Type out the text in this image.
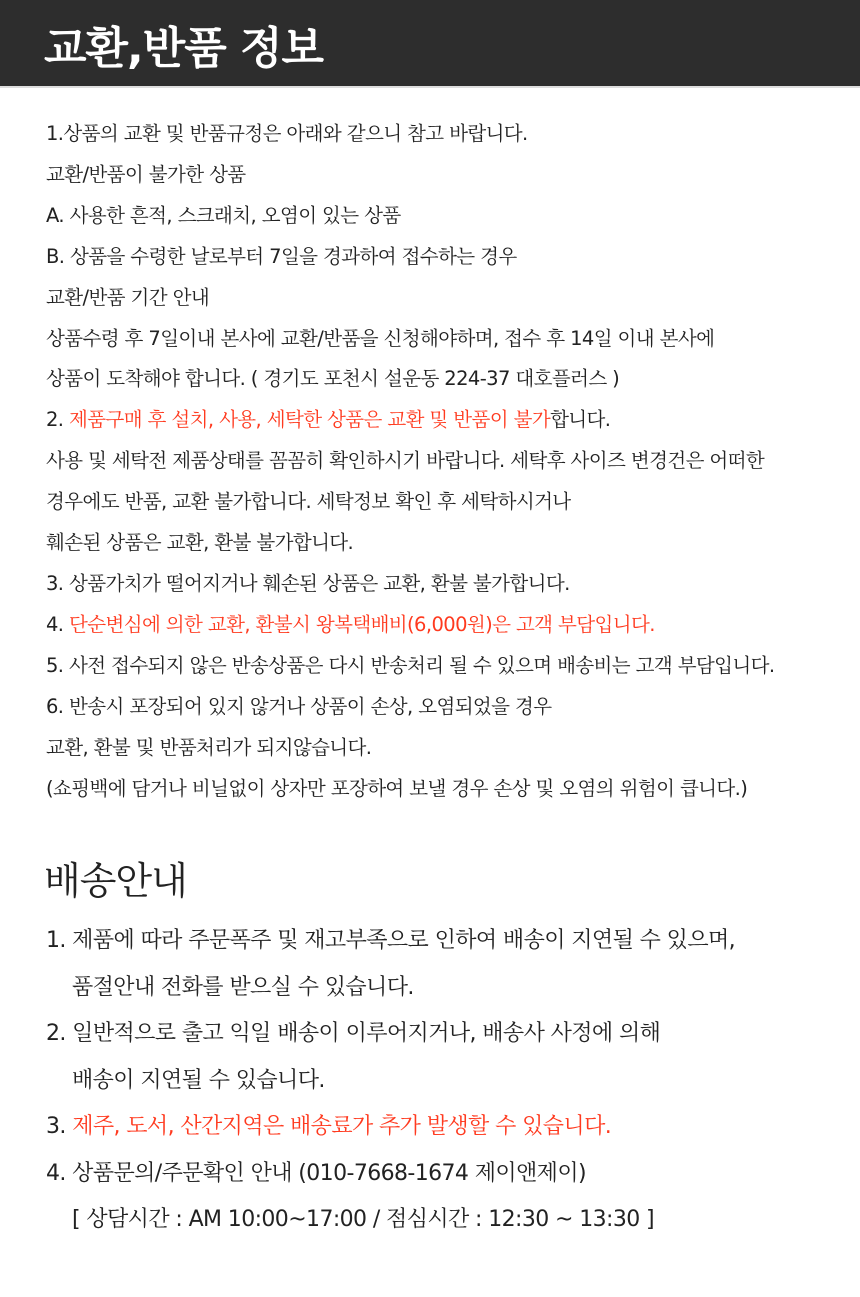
교환,반품 정보
1.상품의 교환 및 반품규정은 아래와 같으니 참고 바랍니다.
교환/반품이 불가한 상품
A. 사용한 흔적, 스크래치, 오염이 있는 상품
B. 상품을 수령한 날로부터 7일을 경과하여 접수하는 경우
교환/반품 기간 안내
상품수령 후 7일이내 본사에 교환/반품을 신청해야하며, 접수 후 14일 이내 본사에
상품이 도착해야 합니다. ( 경기도 포천시 설운동 224-37 대호플러스 )
2. 제품구매 후 설치, 사용, 세탁한 상품은 교환 및 반품이 불가합니다.
사용 및 세탁전 제품상태를 꼼꼼히 확인하시기 바랍니다. 세탁후 사이즈 변경건은 어떠한
경우에도 반품, 교환 불가합니다. 세탁정보 확인 후 세탁하시거나
훼손된 상품은 교환, 환불 불가합니다.
3. 상품가치가 떨어지거나 훼손된 상품은 교환, 환불 불가합니다.
4. 단순변심에 의한 교환, 환불시 왕복택배비(6,000원)은 고객 부담입니다.
5. 사전 접수되지 않은 반송상품은 다시 반송처리 될 수 있으며 배송비는 고객 부담입니다.
6. 반송시 포장되어 있지 않거나 상품이 손상, 오염되었을 경우
교환, 환불 및 반품처리가 되지않습니다.
(쇼핑백에 담거나 비닐없이 상자만 포장하여 보낼 경우 손상 및 오염의 위험이 큽니다.)
배송안내
1. 제품에 따라 주문폭주 및 재고부족으로 인하여 배송이 지연될 수 있으며,
품절안내 전화를 받으실 수 있습니다.
2. 일반적으로 출고 익일 배송이 이루어지거나, 배송사 사정에 의해
배송이 지연될 수 있습니다.
3. 제주, 도서, 산간지역은 배송료가 추가 발생할 수 있습니다.
4. 상품문의/주문확인 안내 (010-7668-1674 제이앤제이)
[ 상담시간 : AM 10:00~17:00 / 점심시간 : 12:30 ~ 13:30 ]
